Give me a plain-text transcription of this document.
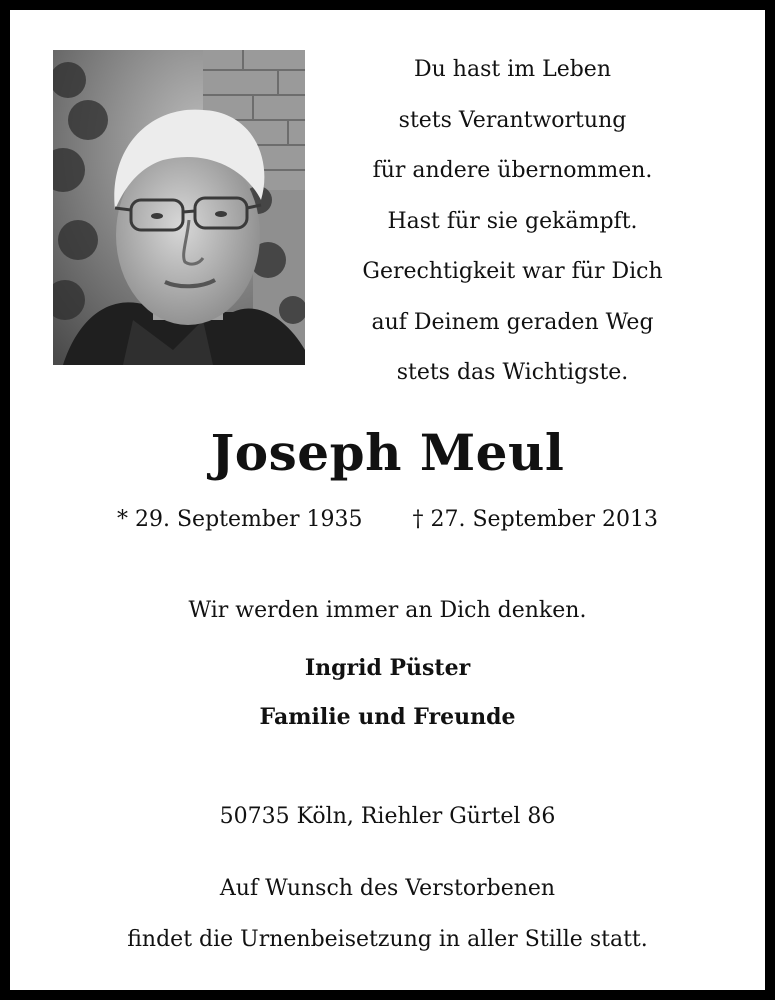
Du hast im Leben
stets Verantwortung
für andere übernommen.
Hast für sie gekämpft.
Gerechtigkeit war für Dich
auf Deinem geraden Weg
stets das Wichtigste.
Joseph Meul
* 29. September 1935 † 27. September 2013
Wir werden immer an Dich denken.
Ingrid Püster
Familie und Freunde
50735 Köln, Riehler Gürtel 86
Auf Wunsch des Verstorbenen
findet die Urnenbeisetzung in aller Stille statt.
